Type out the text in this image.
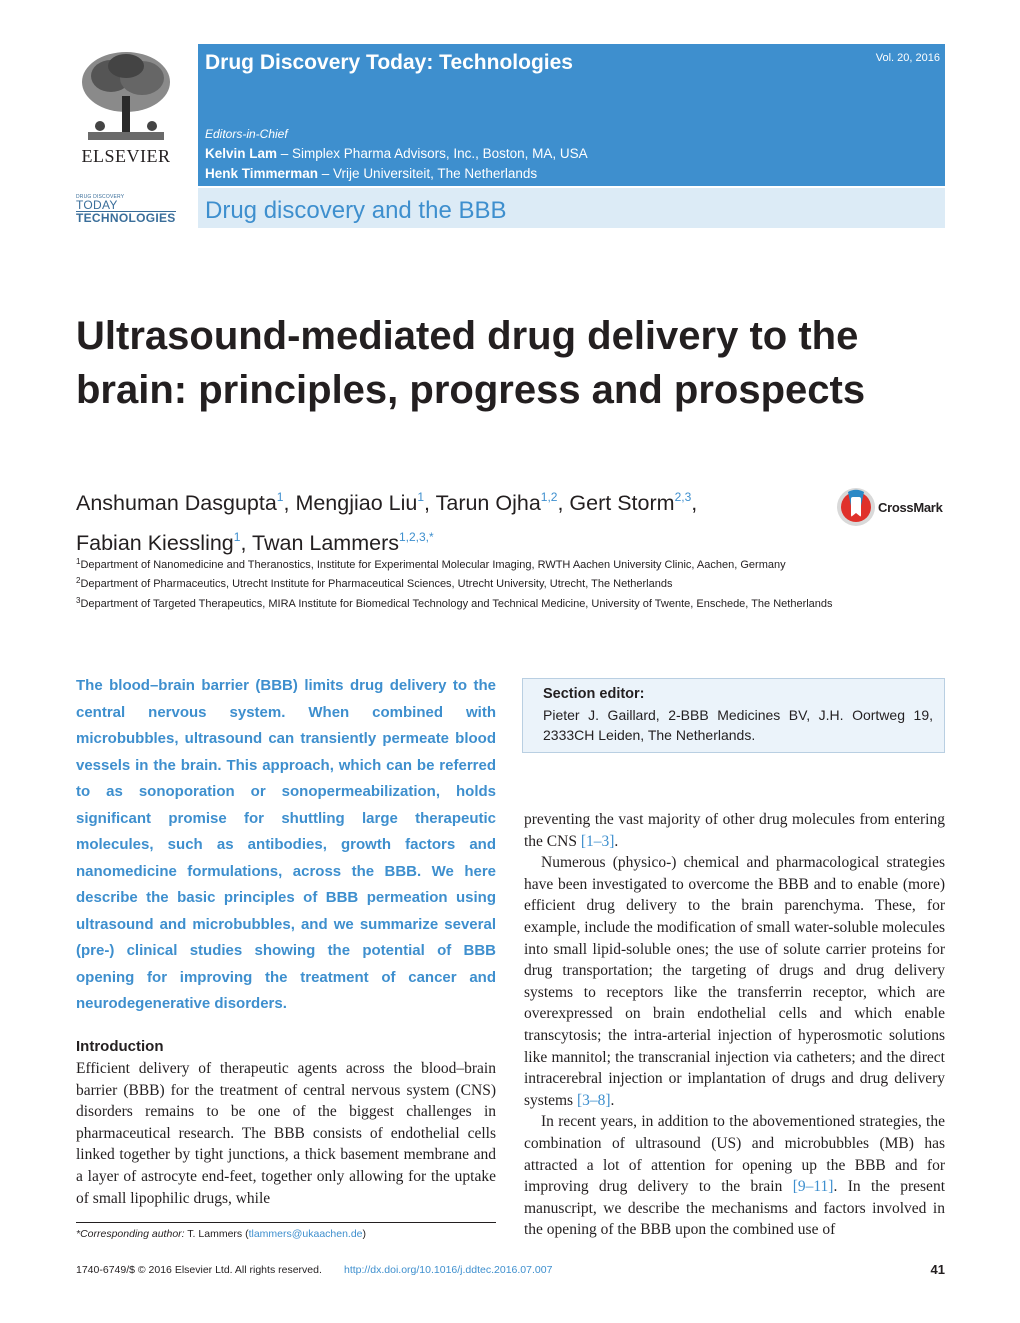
ELSEVIER
DRUG DISCOVERY
TODAY
TECHNOLOGIES
Drug Discovery Today: Technologies	Vol. 20, 2016
Editors-in-Chief
Kelvin Lam – Simplex Pharma Advisors, Inc., Boston, MA, USA
Henk Timmerman – Vrije Universiteit, The Netherlands
Drug discovery and the BBB
Ultrasound-mediated drug delivery to the brain: principles, progress and prospects
Anshuman Dasgupta$^1$, Mengjiao Liu$^1$, Tarun Ojha$^{1,2}$, Gert Storm$^{2,3}$,
Fabian Kiessling$^1$, Twan Lammers$^{1,2,3,*}$
CrossMark
$^1$Department of Nanomedicine and Theranostics, Institute for Experimental Molecular Imaging, RWTH Aachen University Clinic, Aachen, Germany
$^2$Department of Pharmaceutics, Utrecht Institute for Pharmaceutical Sciences, Utrecht University, Utrecht, The Netherlands
$^3$Department of Targeted Therapeutics, MIRA Institute for Biomedical Technology and Technical Medicine, University of Twente, Enschede, The Netherlands
The blood–brain barrier (BBB) limits drug delivery to the central nervous system. When combined with microbubbles, ultrasound can transiently permeate blood vessels in the brain. This approach, which can be referred to as sonoporation or sonopermeabilization, holds significant promise for shuttling large therapeutic molecules, such as antibodies, growth factors and nanomedicine formulations, across the BBB. We here describe the basic principles of BBB permeation using ultrasound and microbubbles, and we summarize several (pre-) clinical studies showing the potential of BBB opening for improving the treatment of cancer and neurodegenerative disorders.
Section editor:
Pieter J. Gaillard, 2-BBB Medicines BV, J.H. Oortweg 19, 2333CH Leiden, The Netherlands.
Introduction
Efficient delivery of therapeutic agents across the blood–brain barrier (BBB) for the treatment of central nervous system (CNS) disorders remains to be one of the biggest challenges in pharmaceutical research. The BBB consists of endothelial cells linked together by tight junctions, a thick basement membrane and a layer of astrocyte end-feet, together only allowing for the uptake of small lipophilic drugs, while

preventing the vast majority of other drug molecules from entering the CNS [1–3].

Numerous (physico-) chemical and pharmacological strategies have been investigated to overcome the BBB and to enable (more) efficient drug delivery to the brain parenchyma. These, for example, include the modification of small water-soluble molecules into small lipid-soluble ones; the use of solute carrier proteins for drug transportation; the targeting of drugs and drug delivery systems to receptors like the transferrin receptor, which are overexpressed on brain endothelial cells and which enable transcytosis; the intra-arterial injection of hyperosmotic solutions like mannitol; the transcranial injection via catheters; and the direct intracerebral injection or implantation of drugs and drug delivery systems [3–8].

In recent years, in addition to the abovementioned strategies, the combination of ultrasound (US) and microbubbles (MB) has attracted a lot of attention for opening up the BBB and for improving drug delivery to the brain [9–11]. In the present manuscript, we describe the mechanisms and factors involved in the opening of the BBB upon the combined use of

*Corresponding author: T. Lammers (tlammers@ukaachen.de)
1740-6749/$ © 2016 Elsevier Ltd. All rights reserved. http://dx.doi.org/10.1016/j.ddtec.2016.07.007	41
